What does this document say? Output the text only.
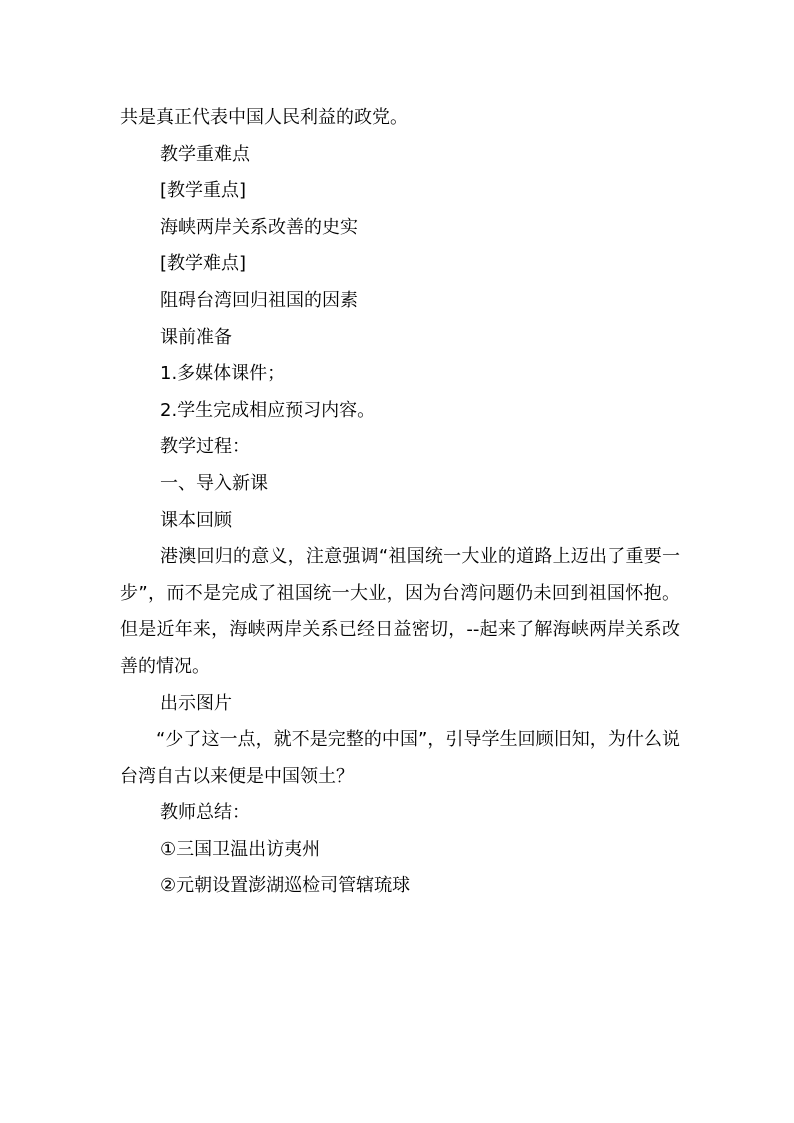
共是真正代表中国人民利益的政党。

教学重难点

[教学重点]

海峡两岸关系改善的史实

[教学难点]

阻碍台湾回归祖国的因素

课前准备

1.多媒体课件；

2.学生完成相应预习内容。

教学过程：

一、导入新课

课本回顾

港澳回归的意义，注意强调“祖国统一大业的道路上迈出了重要一步”，而不是完成了祖国统一大业，因为台湾问题仍未回到祖国怀抱。但是近年来，海峡两岸关系已经日益密切，--起来了解海峡两岸关系改善的情况。

出示图片

“少了这一点，就不是完整的中国”，引导学生回顾旧知，为什么说台湾自古以来便是中国领土？

教师总结：

①三国卫温出访夷州

②元朝设置澎湖巡检司管辖琉球
